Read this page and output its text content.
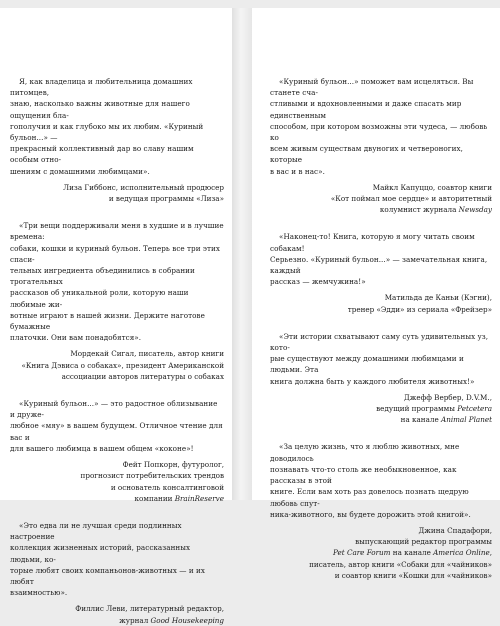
Я, как владелица и любительница домашних питомцев,
знаю, насколько важны животные для нашего ощущения бла-
гополучия и как глубоко мы их любим. «Куриный бульон...» —
прекрасный коллективный дар во славу нашим особым отно-
шениям с домашними любимцами».
Лиза Гиббонс, исполнительный продюсер
и ведущая программы «Лиза»
«Три вещи поддерживали меня в худшие и в лучшие времена:
собаки, кошки и куриный бульон. Теперь все три этих спаси-
тельных ингредиента объединились в собрании трогательных
рассказов об уникальной роли, которую наши любимые жи-
вотные играют в нашей жизни. Держите наготове бумажные
платочки. Они вам понадобятся».
Мордекай Сигал, писатель, автор книги
«Книга Дэвиса о собаках», президент Американской
ассоциации авторов литературы о собаках
«Куриный бульон...» — это радостное облизывание и друже-
любное «мяу» в вашем будущем. Отличное чтение для вас и
для вашего любимца в вашем общем «коконе»!
Фейт Попкорн, футуролог,
прогнозист потребительских трендов
и основатель консалтинговой
компании BrainReserve
«Это едва ли не лучшая среди подлинных настроение
коллекция жизненных историй, рассказанных людьми, ко-
торые любят своих компаньонов-животных — и их любят
взаимностью».
Филлис Леви, литературный редактор,
журнал Good Housekeeping
«Куриный бульон...» поможет вам исцеляться. Вы станете сча-
стливыми и вдохновленными и даже спасать мир единственным
способом, при котором возможны эти чудеса, — любовь ко
всем живым существам двуногих и четвероногих, которые
в вас и в нас».
Майкл Капуццо, соавтор книги
«Кот поймал мое сердце» и авторитетный
колумнист журнала Newsday
«Наконец-то! Книга, которую я могу читать своим собакам!
Серьезно. «Куриный бульон...» — замечательная книга, каждый
рассказ — жемчужина!»
Матильда де Каньи (Кэгни),
тренер «Эдди» из сериала «Фрейзер»
«Эти истории схватывают саму суть удивительных уз, кото-
рые существуют между домашними любимцами и людьми. Эта
книга должна быть у каждого любителя животных!»
Джефф Вербер, D.V.M.,
ведущий программы Petcetera
на канале Animal Planet
«За целую жизнь, что я люблю животных, мне доводилось
познавать что-то столь же необыкновенное, как рассказы в этой
книге. Если вам хоть раз довелось познать щедрую любовь спут-
ника-животного, вы будете дорожить этой книгой».
Джина Спадафори,
выпускающий редактор программы
Pet Care Forum на канале America Online,
писатель, автор книги «Собаки для «чайников»
и соавтор книги «Кошки для «чайников»
